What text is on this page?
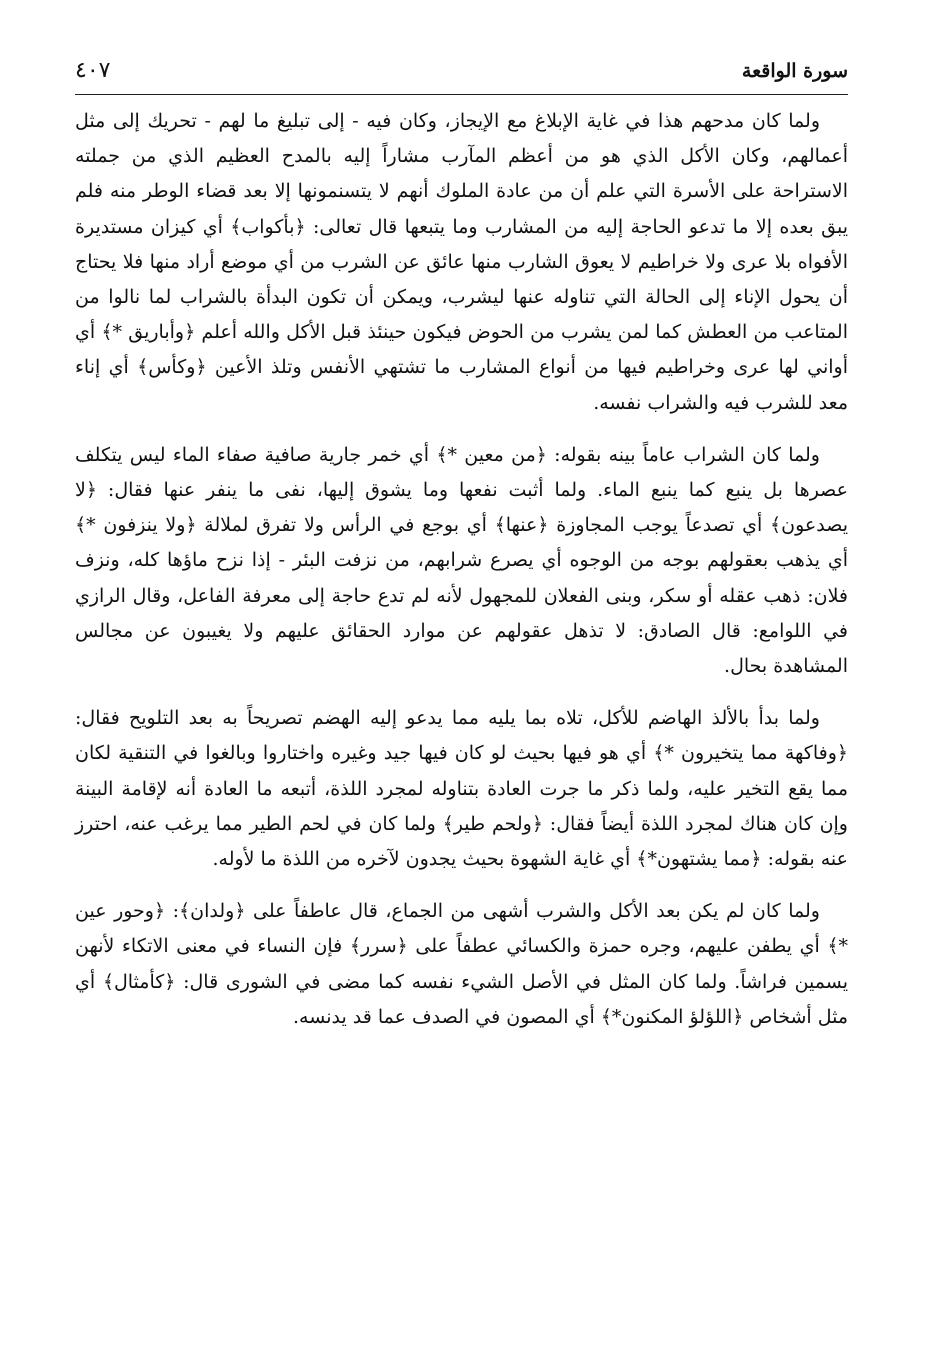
سورة الواقعة
٤٠٧

ولما كان مدحهم هذا في غاية الإبلاغ مع الإيجاز، وكان فيه - إلى تبليغ ما لهم - تحريك إلى مثل أعمالهم، وكان الأكل الذي هو من أعظم المآرب مشاراً إليه بالمدح العظيم الذي من جملته الاستراحة على الأسرة التي علم أن من عادة الملوك أنهم لا يتسنمونها إلا بعد قضاء الوطر منه فلم يبق بعده إلا ما تدعو الحاجة إليه من المشارب وما يتبعها قال تعالى: ﴿بأكواب﴾ أي كيزان مستديرة الأفواه بلا عرى ولا خراطيم لا يعوق الشارب منها عائق عن الشرب من أي موضع أراد منها فلا يحتاج أن يحول الإناء إلى الحالة التي تناوله عنها ليشرب، ويمكن أن تكون البدأة بالشراب لما نالوا من المتاعب من العطش كما لمن يشرب من الحوض فيكون حينئذ قبل الأكل والله أعلم ﴿وأباريق *﴾ أي أواني لها عرى وخراطيم فيها من أنواع المشارب ما تشتهي الأنفس وتلذ الأعين ﴿وكأس﴾ أي إناء معد للشرب فيه والشراب نفسه.

ولما كان الشراب عاماً بينه بقوله: ﴿من معين *﴾ أي خمر جارية صافية صفاء الماء ليس يتكلف عصرها بل ينبع كما ينبع الماء. ولما أثبت نفعها وما يشوق إليها، نفى ما ينفر عنها فقال: ﴿لا يصدعون﴾ أي تصدعاً يوجب المجاوزة ﴿عنها﴾ أي بوجع في الرأس ولا تفرق لملالة ﴿ولا ينزفون *﴾ أي يذهب بعقولهم بوجه من الوجوه أي يصرع شرابهم، من نزفت البئر - إذا نزح ماؤها كله، ونزف فلان: ذهب عقله أو سكر، وبنى الفعلان للمجهول لأنه لم تدع حاجة إلى معرفة الفاعل، وقال الرازي في اللوامع: قال الصادق: لا تذهل عقولهم عن موارد الحقائق عليهم ولا يغيبون عن مجالس المشاهدة بحال.

ولما بدأ بالألذ الهاضم للأكل، تلاه بما يليه مما يدعو إليه الهضم تصريحاً به بعد التلويح فقال: ﴿وفاكهة مما يتخيرون *﴾ أي هو فيها بحيث لو كان فيها جيد وغيره واختاروا وبالغوا في التنقية لكان مما يقع التخير عليه، ولما ذكر ما جرت العادة بتناوله لمجرد اللذة، أتبعه ما العادة أنه لإقامة البينة وإن كان هناك لمجرد اللذة أيضاً فقال: ﴿ولحم طير﴾ ولما كان في لحم الطير مما يرغب عنه، احترز عنه بقوله: ﴿مما يشتهون*﴾ أي غاية الشهوة بحيث يجدون لآخره من اللذة ما لأوله.

ولما كان لم يكن بعد الأكل والشرب أشهى من الجماع، قال عاطفاً على ﴿ولدان﴾: ﴿وحور عين *﴾ أي يطفن عليهم، وجره حمزة والكسائي عطفاً على ﴿سرر﴾ فإن النساء في معنى الاتكاء لأنهن يسمين فراشاً. ولما كان المثل في الأصل الشيء نفسه كما مضى في الشورى قال: ﴿كأمثال﴾ أي مثل أشخاص ﴿اللؤلؤ المكنون*﴾ أي المصون في الصدف عما قد يدنسه.
